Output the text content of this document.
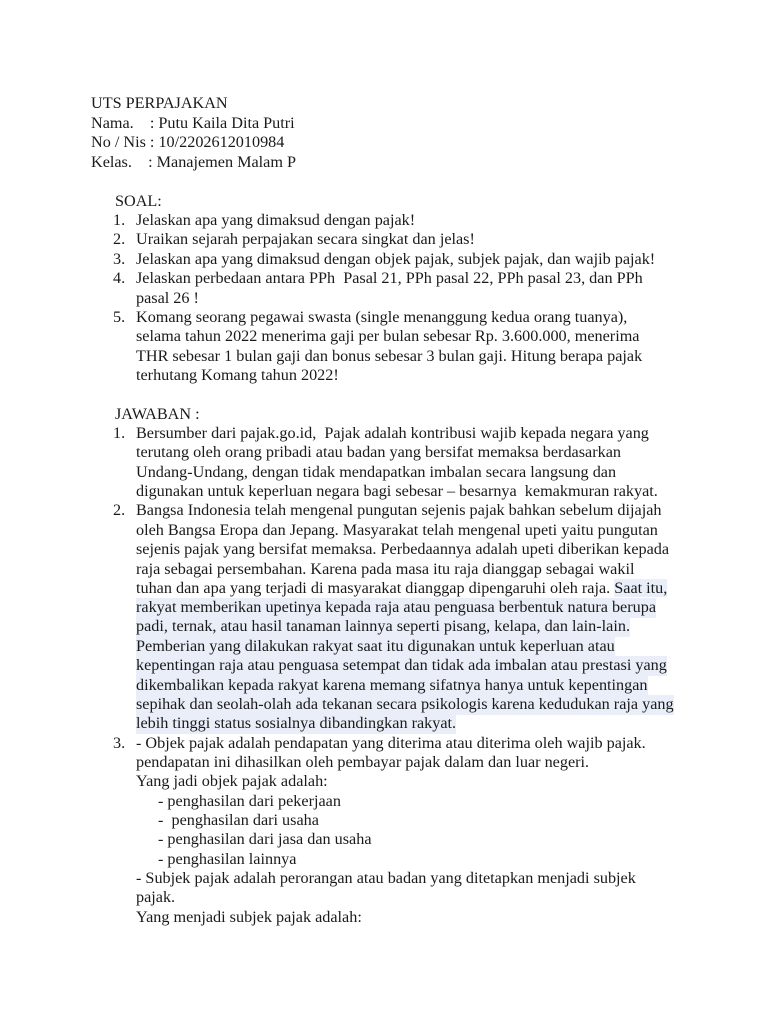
UTS PERPAJAKAN
Nama.    : Putu Kaila Dita Putri
No / Nis : 10/2202612010984
Kelas.    : Manajemen Malam P
SOAL:
1. Jelaskan apa yang dimaksud dengan pajak!
2. Uraikan sejarah perpajakan secara singkat dan jelas!
3. Jelaskan apa yang dimaksud dengan objek pajak, subjek pajak, dan wajib pajak!
4. Jelaskan perbedaan antara PPh  Pasal 21, PPh pasal 22, PPh pasal 23, dan PPh
pasal 26 !
5. Komang seorang pegawai swasta (single menanggung kedua orang tuanya),
selama tahun 2022 menerima gaji per bulan sebesar Rp. 3.600.000, menerima
THR sebesar 1 bulan gaji dan bonus sebesar 3 bulan gaji. Hitung berapa pajak
terhutang Komang tahun 2022!
JAWABAN :
1. Bersumber dari pajak.go.id,  Pajak adalah kontribusi wajib kepada negara yang
terutang oleh orang pribadi atau badan yang bersifat memaksa berdasarkan
Undang-Undang, dengan tidak mendapatkan imbalan secara langsung dan
digunakan untuk keperluan negara bagi sebesar – besarnya  kemakmuran rakyat.
2. Bangsa Indonesia telah mengenal pungutan sejenis pajak bahkan sebelum dijajah
oleh Bangsa Eropa dan Jepang. Masyarakat telah mengenal upeti yaitu pungutan
sejenis pajak yang bersifat memaksa. Perbedaannya adalah upeti diberikan kepada
raja sebagai persembahan. Karena pada masa itu raja dianggap sebagai wakil
tuhan dan apa yang terjadi di masyarakat dianggap dipengaruhi oleh raja. Saat itu,
rakyat memberikan upetinya kepada raja atau penguasa berbentuk natura berupa
padi, ternak, atau hasil tanaman lainnya seperti pisang, kelapa, dan lain-lain.
Pemberian yang dilakukan rakyat saat itu digunakan untuk keperluan atau
kepentingan raja atau penguasa setempat dan tidak ada imbalan atau prestasi yang
dikembalikan kepada rakyat karena memang sifatnya hanya untuk kepentingan
sepihak dan seolah-olah ada tekanan secara psikologis karena kedudukan raja yang
lebih tinggi status sosialnya dibandingkan rakyat.
3. - Objek pajak adalah pendapatan yang diterima atau diterima oleh wajib pajak.
pendapatan ini dihasilkan oleh pembayar pajak dalam dan luar negeri.
Yang jadi objek pajak adalah:
- penghasilan dari pekerjaan
-  penghasilan dari usaha
- penghasilan dari jasa dan usaha
- penghasilan lainnya
- Subjek pajak adalah perorangan atau badan yang ditetapkan menjadi subjek
pajak.
Yang menjadi subjek pajak adalah:
